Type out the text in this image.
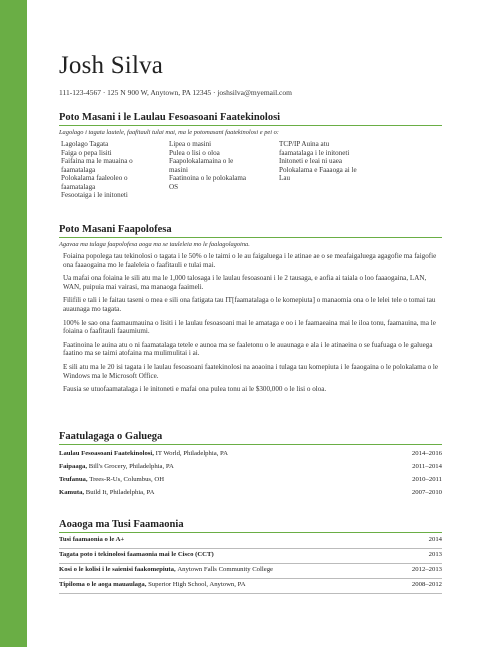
Josh Silva
111-123-4567 · 125 N 900 W, Anytown, PA 12345 · joshsilva@myemail.com
Poto Masani i le Laulau Fesoasoani Faatekinolosi
Lagolago i tagata lautele, faafitauli tulai mai, ma le potomasani faatekinolosi e pei o:
Lagolago Tagata
Faiga o pepa lisiti
Faifaina ma le mauaina o
faamatalaga
Polokalama faaleoleo o
faamatalaga
Fesootaiga i le initoneti
Lipea o masini
Pulea o lisi o oloa
Faapolokalamaina o le
masini
Faatinoina o le polokalama
OS
TCP/IP Auina atu
faamatalaga i le initoneti
Initoneti e leai ni uaea
Polokalama e Faaaoga ai le
Lau
Poto Masani Faapolofesa
Agavaa ma tulaga faapolofesa aoga ma se tauleleia mo le faalagolagoina.
Foiaina popolega tau tekinolosi o tagata i le 50% o le taimi o le au faigaluega i le atinae ae o se meafaigaluega agagofie ma faigofie ona faaaogaina mo le faaleleia o faafitauli e tulai mai.
Ua mafai ona foiaina le sili atu ma le 1,000 talosaga i le laulau fesoasoani i le 2 tausaga, e aofia ai taiala o loo faaaogaina, LAN, WAN, puipuia mai vairasi, ma manaoga faaimeli.
Filifili e tali i le faitau taseni o mea e sili ona fatigata tau IT[faamatalaga o le komepiuta] o manaomia ona o le lelei tele o tomai tau auaunaga mo tagata.
100% le sao ona faamaumauina o lisiti i le laulau fesoasoani mai le amataga e oo i le faamaeaina mai le iloa tonu, faamauina, ma le foiaina o faafitauli faaumiumi.
Faatinoina le auina atu o ni faamatalaga tetele e aunoa ma se faaletonu o le auaunaga e ala i le atinaeina o se fuafuaga o le galuega faatino ma se taimi atofaina ma mulimulitai i ai.
E sili atu ma le 20 isi tagata i le laulau fesoasoani faatekinolosi na aoaoina i tulaga tau komepiuta i le faaogaina o le polokalama o le Windows ma le Microsoft Office.
Fausia se utuofaamatalaga i le initoneti e mafai ona pulea tonu ai le $300,000 o le lisi o oloa.
Faatulagaga o Galuega
Laulau Fesoasoani Faatekinolosi, IT World, Philadelphia, PA	2014–2016
Faipaaga, Bill's Grocery, Philadelphia, PA	2011–2014
Teufanua, Trees-R-Us, Columbus, OH	2010–2011
Kamuta, Build It, Philadelphia, PA	2007–2010
Aoaoga ma Tusi Faamaonia
Tusi faamaonia o le A+	2014
Tagata poto i tekinolosi faamaonia mai le Cisco (CCT)	2013
Kosi o le kolisi i le saienisi faakomepiuta, Anytown Falls Community College	2012–2013
Tipiloma o le aoga mauaulaga, Superior High School, Anytown, PA	2008–2012
